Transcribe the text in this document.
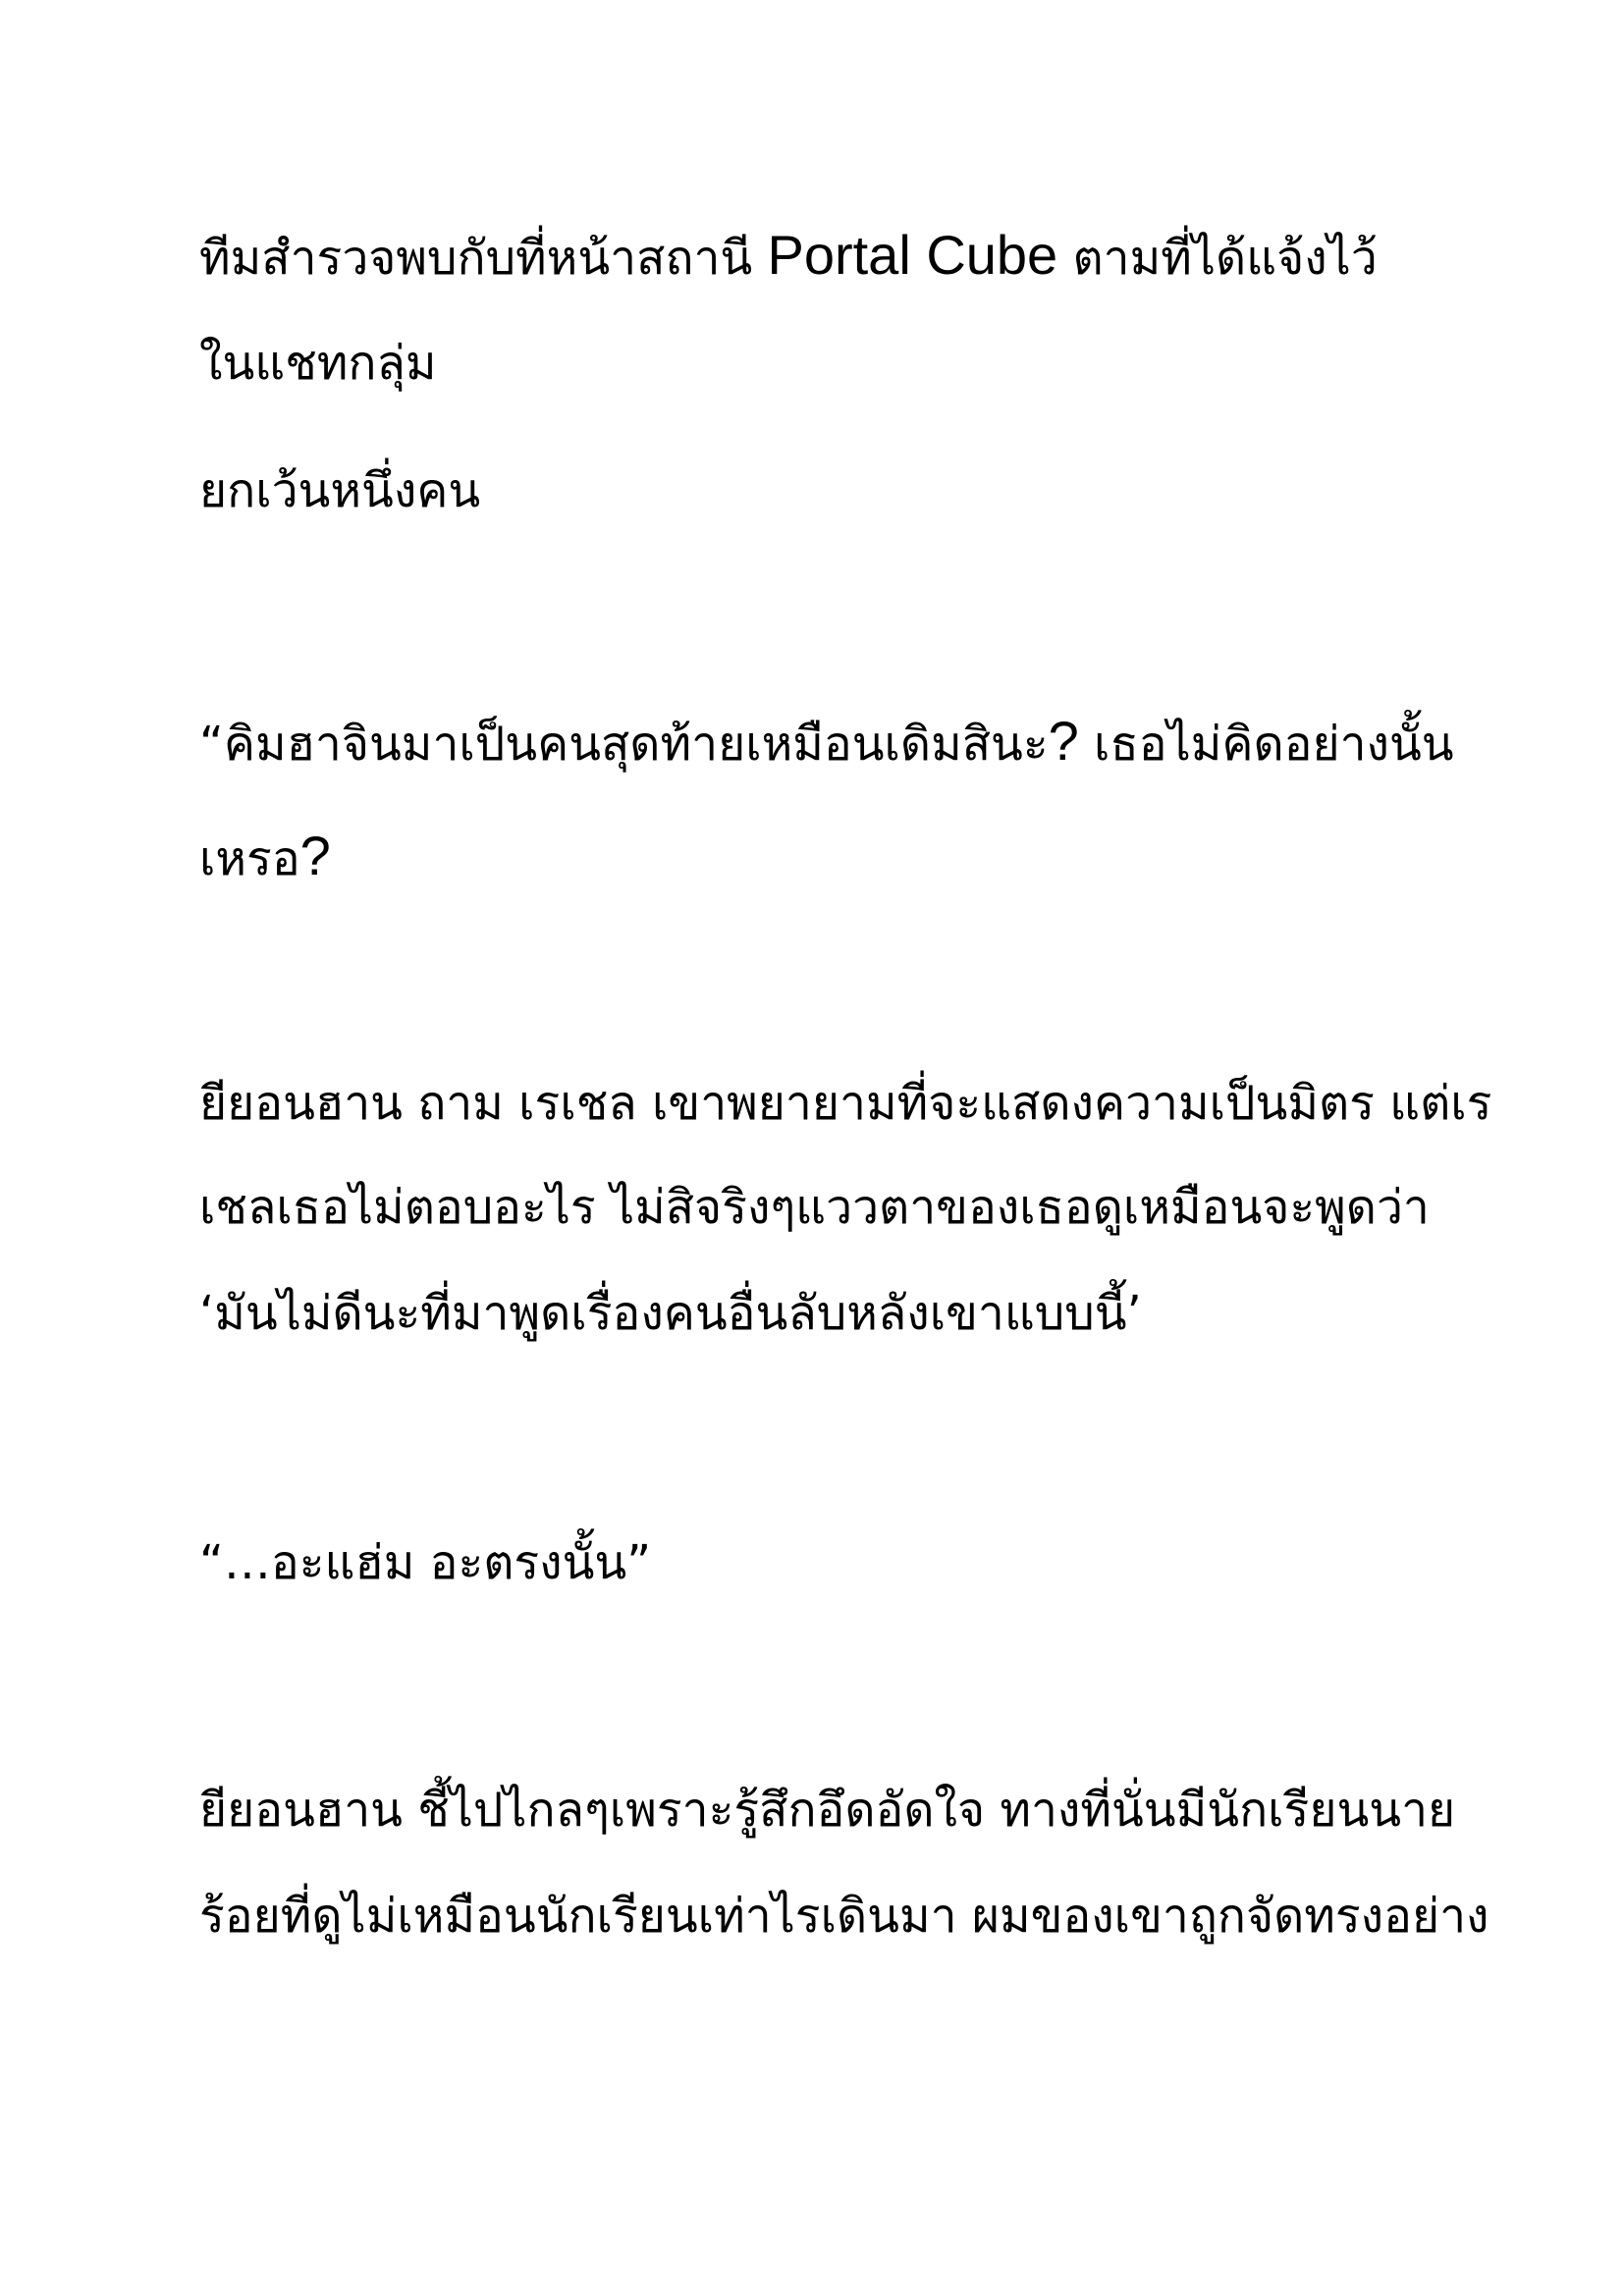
ทีมสำรวจพบกับที่หน้าสถานี Portal Cube ตามที่ได้แจ้งไว้
ในแชทกลุ่ม
ยกเว้นหนึ่งคน
“คิมฮาจินมาเป็นคนสุดท้ายเหมือนเดิมสินะ? เธอไม่คิดอย่างนั้น
เหรอ?
ยียอนฮาน ถาม เรเชล เขาพยายามที่จะแสดงความเป็นมิตร แต่เร
เชลเธอไม่ตอบอะไร ไม่สิจริงๆแววตาของเธอดูเหมือนจะพูดว่า
‘มันไม่ดีนะที่มาพูดเรื่องคนอื่นลับหลังเขาแบบนี้’
“…อะแฮ่ม อะตรงนั้น”
ยียอนฮาน ชี้ไปไกลๆเพราะรู้สึกอึดอัดใจ ทางที่นั่นมีนักเรียนนาย
ร้อยที่ดูไม่เหมือนนักเรียนเท่าไรเดินมา ผมของเขาถูกจัดทรงอย่าง
